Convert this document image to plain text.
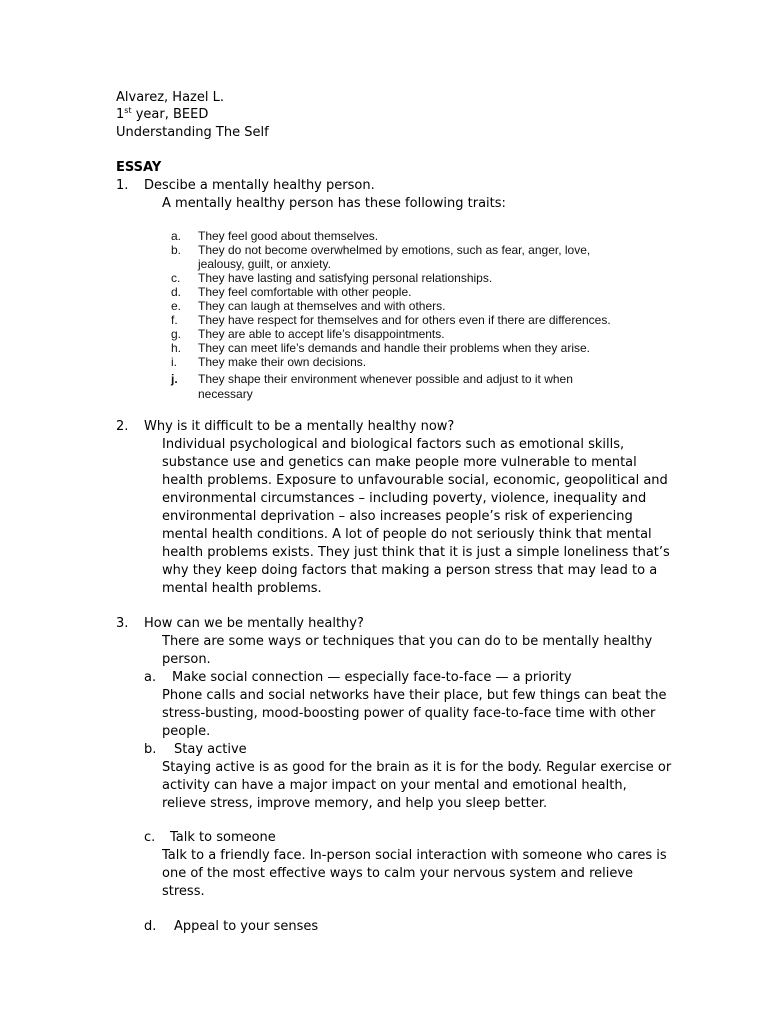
Alvarez, Hazel L.
1st year, BEED
Understanding The Self
ESSAY
1. Descibe a mentally healthy person.
A mentally healthy person has these following traits:
a. They feel good about themselves.
b. They do not become overwhelmed by emotions, such as fear, anger, love,
jealousy, guilt, or anxiety.
c. They have lasting and satisfying personal relationships.
d. They feel comfortable with other people.
e. They can laugh at themselves and with others.
f. They have respect for themselves and for others even if there are differences.
g. They are able to accept life’s disappointments.
h. They can meet life’s demands and handle their problems when they arise.
i. They make their own decisions.
j. They shape their environment whenever possible and adjust to it when
necessary
2. Why is it difficult to be a mentally healthy now?
Individual psychological and biological factors such as emotional skills,
substance use and genetics can make people more vulnerable to mental
health problems. Exposure to unfavourable social, economic, geopolitical and
environmental circumstances – including poverty, violence, inequality and
environmental deprivation – also increases people’s risk of experiencing
mental health conditions. A lot of people do not seriously think that mental
health problems exists. They just think that it is just a simple loneliness that’s
why they keep doing factors that making a person stress that may lead to a
mental health problems.
3. How can we be mentally healthy?
There are some ways or techniques that you can do to be mentally healthy
person.
a. Make social connection — especially face-to-face — a priority
Phone calls and social networks have their place, but few things can beat the
stress-busting, mood-boosting power of quality face-to-face time with other
people.
b. Stay active
Staying active is as good for the brain as it is for the body. Regular exercise or
activity can have a major impact on your mental and emotional health,
relieve stress, improve memory, and help you sleep better.
c. Talk to someone
Talk to a friendly face. In-person social interaction with someone who cares is
one of the most effective ways to calm your nervous system and relieve
stress.
d. Appeal to your senses
